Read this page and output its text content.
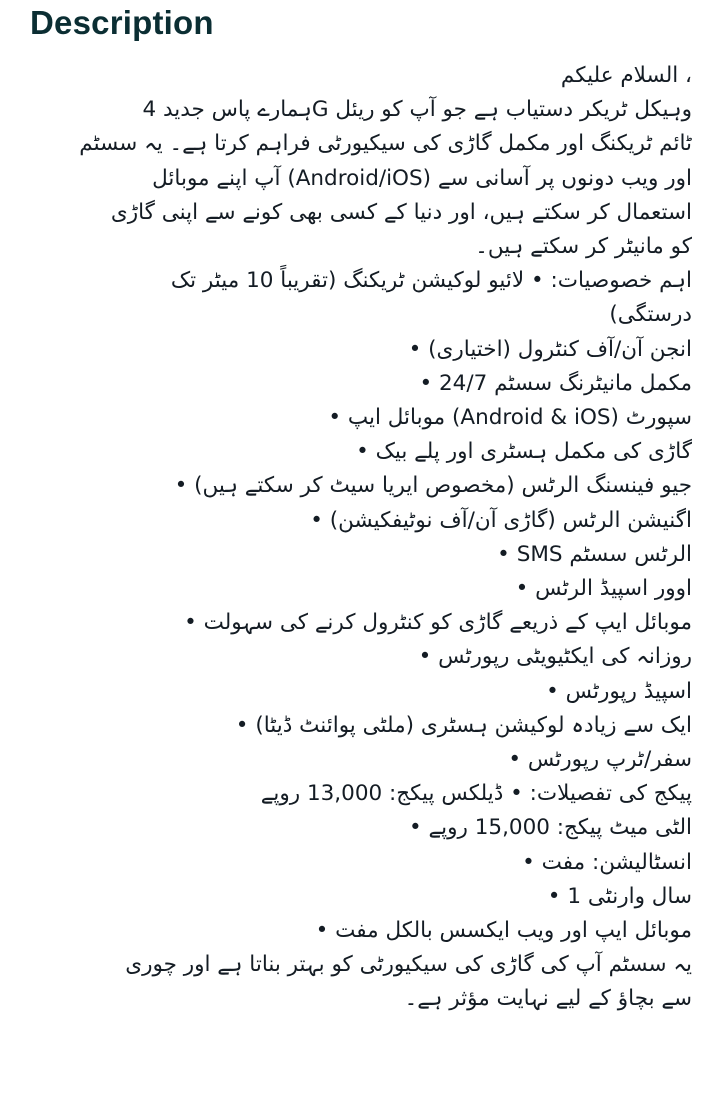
Description
، السلام علیکم
وہیکل ٹریکر دستیاب ہے جو آپ کو ریئل Gہمارے پاس جدید 4
ٹائم ٹریکنگ اور مکمل گاڑی کی سیکیورٹی فراہم کرتا ہے۔ یہ سسٹم
اور ویب دونوں پر آسانی سے (Android/iOS) آپ اپنے موبائل
استعمال کر سکتے ہیں، اور دنیا کے کسی بھی کونے سے اپنی گاڑی
کو مانیٹر کر سکتے ہیں۔
اہم خصوصیات: • لائیو لوکیشن ٹریکنگ (تقریباً 10 میٹر تک
درستگی)
انجن آن/آف کنٹرول (اختیاری) •
مکمل مانیٹرنگ سسٹم 24/7 •
سپورٹ (Android & iOS) موبائل ایپ •
گاڑی کی مکمل ہسٹری اور پلے بیک •
جیو فینسنگ الرٹس (مخصوص ایریا سیٹ کر سکتے ہیں) •
اگنیشن الرٹس (گاڑی آن/آف نوٹیفکیشن) •
الرٹس سسٹم SMS •
اوور اسپیڈ الرٹس •
موبائل ایپ کے ذریعے گاڑی کو کنٹرول کرنے کی سہولت •
روزانہ کی ایکٹیویٹی رپورٹس •
اسپیڈ رپورٹس •
ایک سے زیادہ لوکیشن ہسٹری (ملٹی پوائنٹ ڈیٹا) •
سفر/ٹرپ رپورٹس •
پیکج کی تفصیلات: • ڈیلکس پیکج: 13,000 روپے
الٹی میٹ پیکج: 15,000 روپے •
انسٹالیشن: مفت •
سال وارنٹی 1 •
موبائل ایپ اور ویب ایکسس بالکل مفت •
یہ سسٹم آپ کی گاڑی کی سیکیورٹی کو بہتر بناتا ہے اور چوری
سے بچاؤ کے لیے نہایت مؤثر ہے۔
